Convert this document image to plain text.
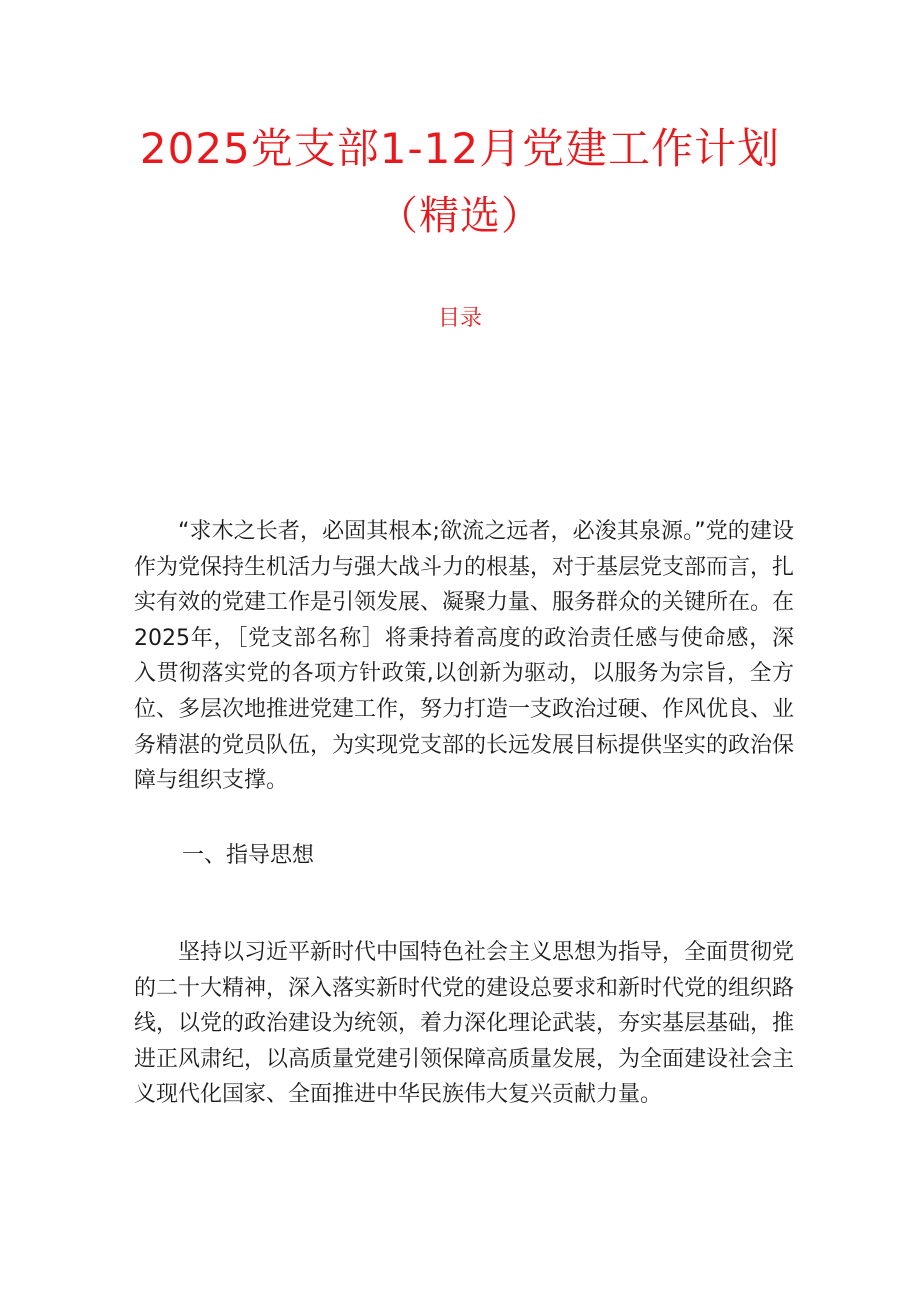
2025党支部1-12月党建工作计划
（精选）
目录

“求木之长者，必固其根本;欲流之远者，必浚其泉源。”党的建设作为党保持生机活力与强大战斗力的根基，对于基层党支部而言，扎实有效的党建工作是引领发展、凝聚力量、服务群众的关键所在。在2025年，［党支部名称］将秉持着高度的政治责任感与使命感，深入贯彻落实党的各项方针政策,以创新为驱动，以服务为宗旨，全方位、多层次地推进党建工作，努力打造一支政治过硬、作风优良、业务精湛的党员队伍，为实现党支部的长远发展目标提供坚实的政治保障与组织支撑。

一、指导思想

坚持以习近平新时代中国特色社会主义思想为指导，全面贯彻党的二十大精神，深入落实新时代党的建设总要求和新时代党的组织路线，以党的政治建设为统领，着力深化理论武装，夯实基层基础，推进正风肃纪，以高质量党建引领保障高质量发展，为全面建设社会主义现代化国家、全面推进中华民族伟大复兴贡献力量。
